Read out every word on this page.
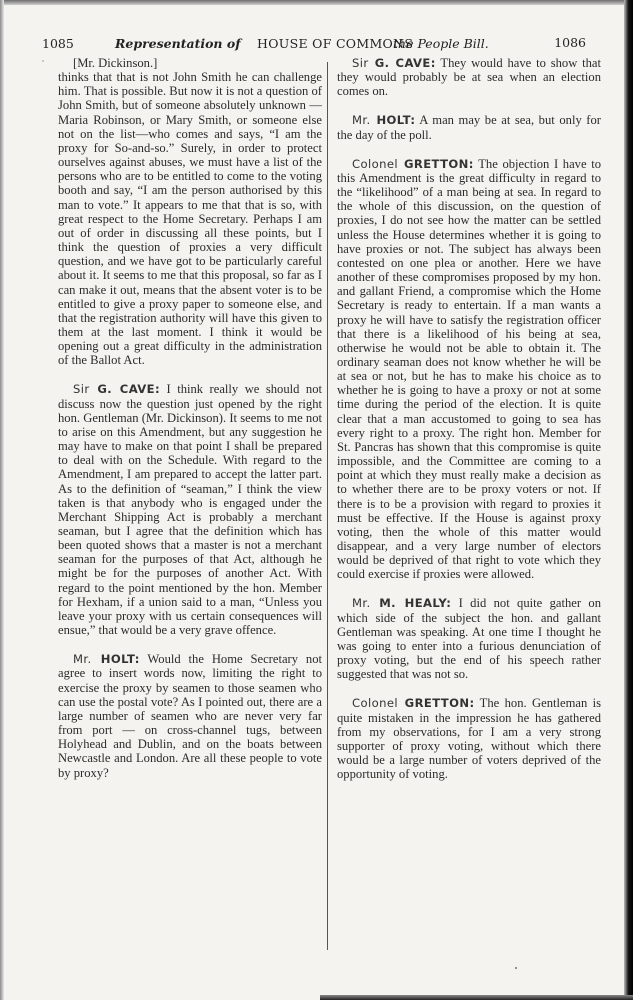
1085	Representation of HOUSE OF COMMONS
the People Bill.	1086

[Mr. Dickinson.]

thinks that that is not John Smith he can challenge him. That is possible. But now it is not a question of John Smith, but of someone absolutely unknown — Maria Robinson, or Mary Smith, or someone else not on the list—who comes and says, “I am the proxy for So-and-so.” Surely, in order to protect ourselves against abuses, we must have a list of the persons who are to be entitled to come to the voting booth and say, “I am the person authorised by this man to vote.” It appears to me that that is so, with great respect to the Home Secretary. Perhaps I am out of order in discussing all these points, but I think the question of proxies a very difficult question, and we have got to be particularly careful about it. It seems to me that this proposal, so far as I can make it out, means that the absent voter is to be entitled to give a proxy paper to someone else, and that the registration authority will have this given to them at the last moment. I think it would be opening out a great difficulty in the administration of the Ballot Act.

Sir G. CAVE: I think really we should not discuss now the question just opened by the right hon. Gentleman (Mr. Dickinson). It seems to me not to arise on this Amendment, but any suggestion he may have to make on that point I shall be prepared to deal with on the Schedule. With regard to the Amendment, I am prepared to accept the latter part. As to the definition of “seaman,” I think the view taken is that anybody who is engaged under the Merchant Shipping Act is probably a merchant seaman, but I agree that the definition which has been quoted shows that a master is not a merchant seaman for the purposes of that Act, although he might be for the purposes of another Act. With regard to the point mentioned by the hon. Member for Hexham, if a union said to a man, “Unless you leave your proxy with us certain consequences will ensue,” that would be a very grave offence.

Mr. HOLT: Would the Home Secretary not agree to insert words now, limiting the right to exercise the proxy by seamen to those seamen who can use the postal vote? As I pointed out, there are a large number of seamen who are never very far from port — on cross-channel tugs, between Holyhead and Dublin, and on the boats between Newcastle and London. Are all these people to vote by proxy?

Sir G. CAVE: They would have to show that they would probably be at sea when an election comes on.

Mr. HOLT: A man may be at sea, but only for the day of the poll.

Colonel GRETTON: The objection I have to this Amendment is the great difficulty in regard to the “likelihood” of a man being at sea. In regard to the whole of this discussion, on the question of proxies, I do not see how the matter can be settled unless the House determines whether it is going to have proxies or not. The subject has always been contested on one plea or another. Here we have another of these compromises proposed by my hon. and gallant Friend, a compromise which the Home Secretary is ready to entertain. If a man wants a proxy he will have to satisfy the registration officer that there is a likelihood of his being at sea, otherwise he would not be able to obtain it. The ordinary seaman does not know whether he will be at sea or not, but he has to make his choice as to whether he is going to have a proxy or not at some time during the period of the election. It is quite clear that a man accustomed to going to sea has every right to a proxy. The right hon. Member for St. Pancras has shown that this compromise is quite impossible, and the Committee are coming to a point at which they must really make a decision as to whether there are to be proxy voters or not. If there is to be a provision with regard to proxies it must be effective. If the House is against proxy voting, then the whole of this matter would disappear, and a very large number of electors would be deprived of that right to vote which they could exercise if proxies were allowed.

Mr. M. HEALY: I did not quite gather on which side of the subject the hon. and gallant Gentleman was speaking. At one time I thought he was going to enter into a furious denunciation of proxy voting, but the end of his speech rather suggested that was not so.

Colonel GRETTON: The hon. Gentleman is quite mistaken in the impression he has gathered from my observations, for I am a very strong supporter of proxy voting, without which there would be a large number of voters deprived of the opportunity of voting.
